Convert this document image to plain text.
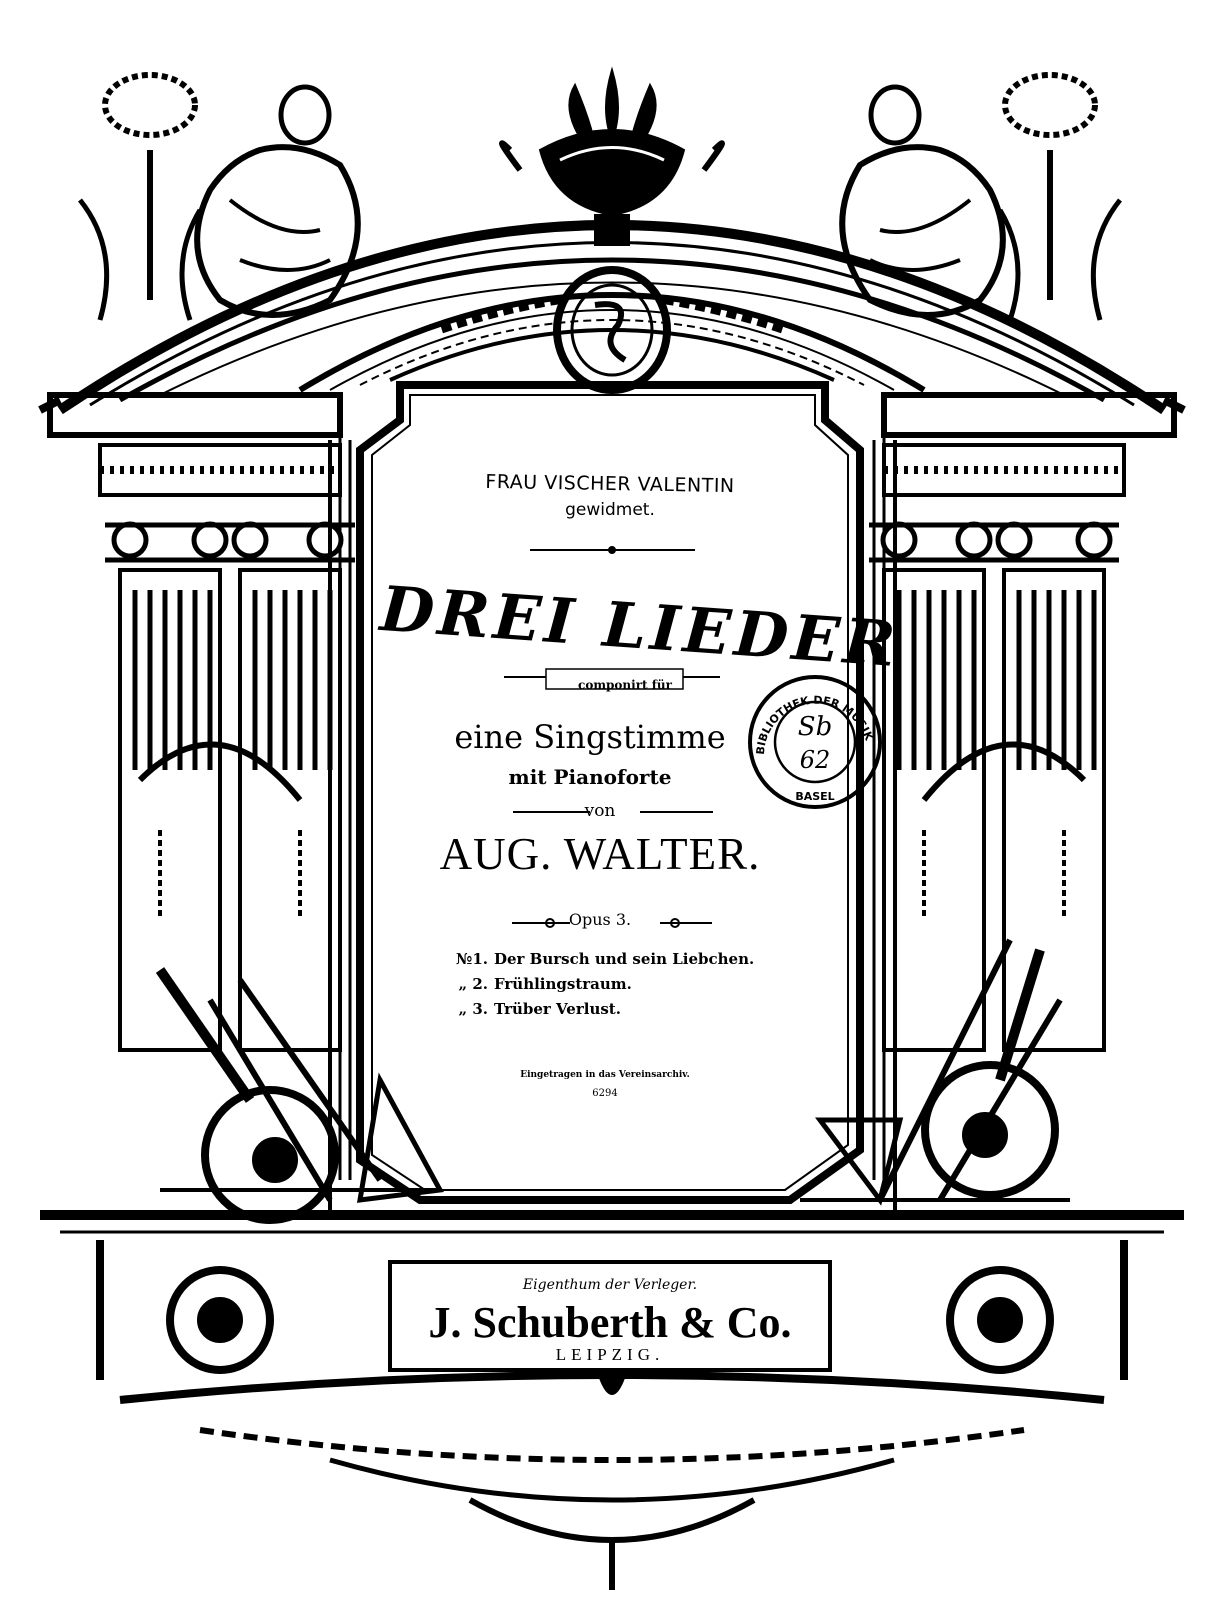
BIBLIOTHEK DER MUSIK
BASEL
Sb
62
FRAU VISCHER VALENTIN
gewidmet.
DREI LIEDER
componirt für
eine Singstimme
mit Pianoforte
von
AUG. WALTER.
Opus 3.
№1. Der Bursch und sein Liebchen.
„ 2. Frühlingstraum.
„ 3. Trüber Verlust.
Eingetragen in das Vereinsarchiv.
6294
Eigenthum der Verleger.
J. Schuberth & Co.
LEIPZIG.
